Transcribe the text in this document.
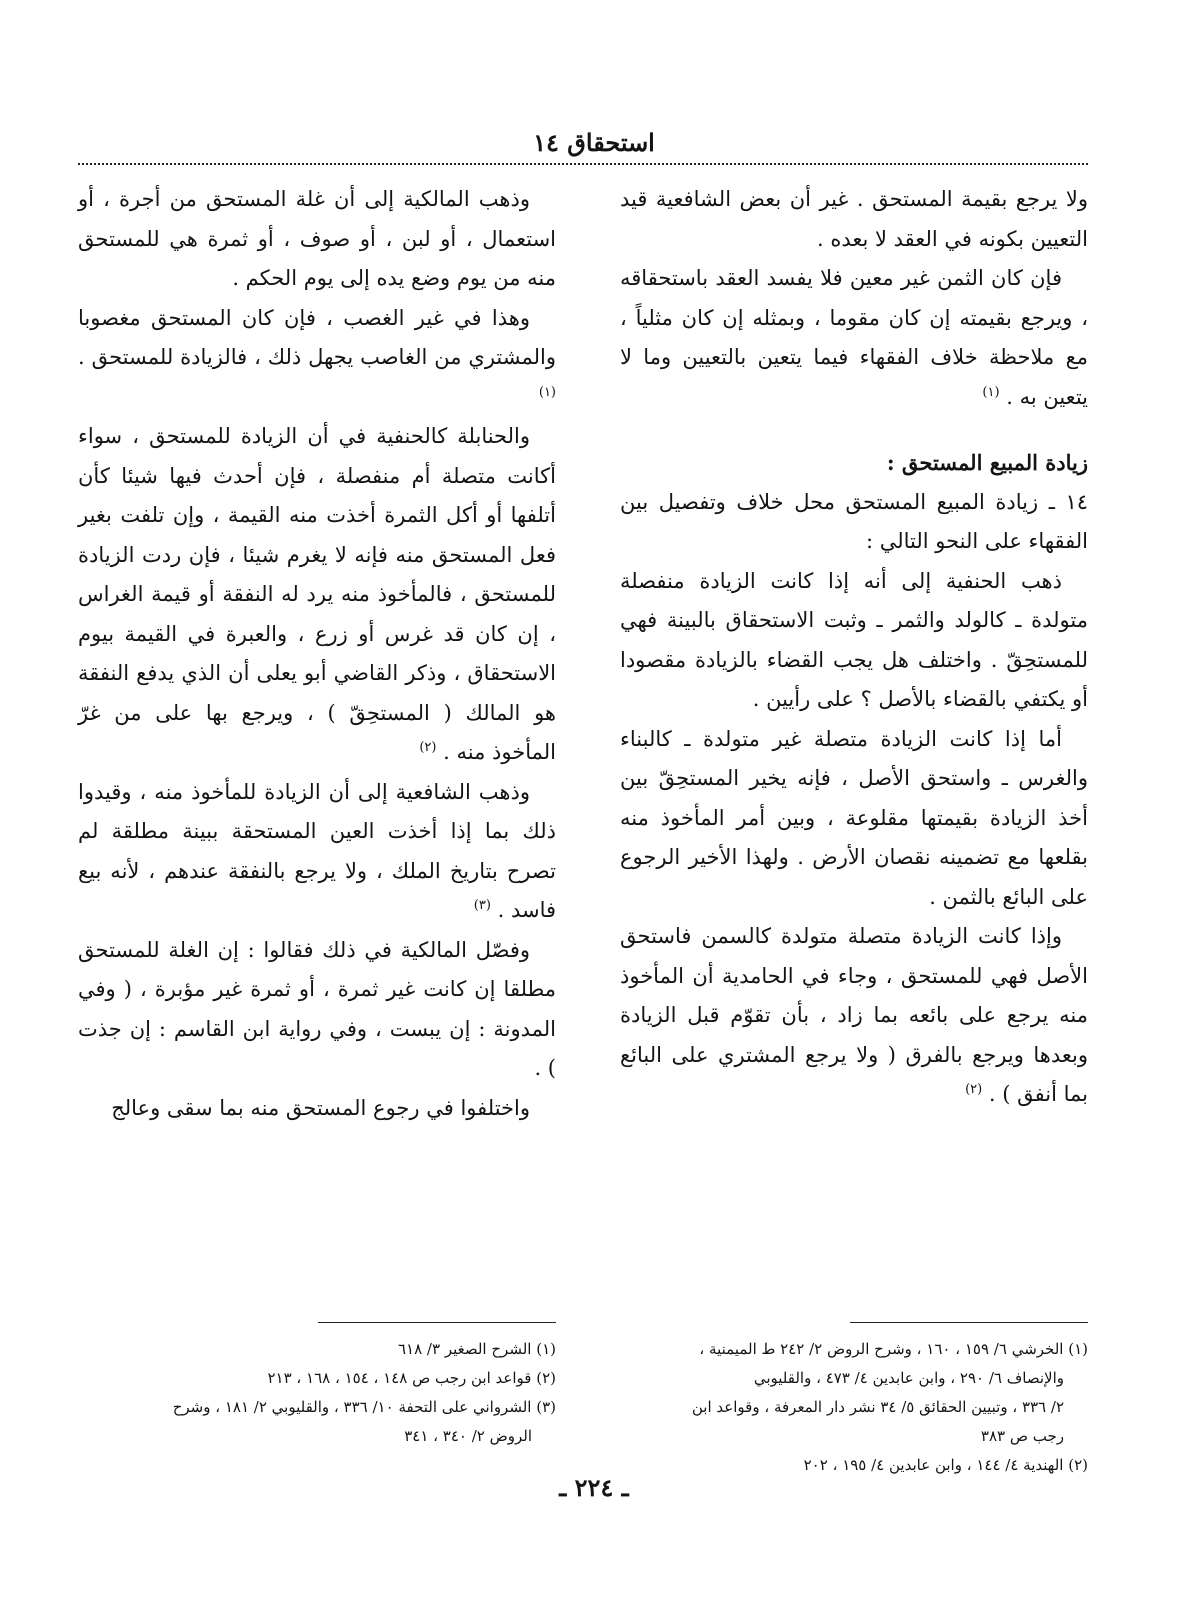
استحقاق ١٤

ولا يرجع بقيمة المستحق . غير أن بعض الشافعية قيد التعيين بكونه في العقد لا بعده .

فإن كان الثمن غير معين فلا يفسد العقد باستحقاقه ، ويرجع بقيمته إن كان مقوما ، وبمثله إن كان مثلياً ، مع ملاحظة خلاف الفقهاء فيما يتعين بالتعيين وما لا يتعين به . $^{(١)}$

زيادة المبيع المستحق :

١٤ ـ زيادة المبيع المستحق محل خلاف وتفصيل بين الفقهاء على النحو التالي :

ذهب الحنفية إلى أنه إذا كانت الزيادة منفصلة متولدة ـ كالولد والثمر ـ وثبت الاستحقاق بالبينة فهي للمستحِقّ . واختلف هل يجب القضاء بالزيادة مقصودا أو يكتفي بالقضاء بالأصل ؟ على رأيين .

أما إذا كانت الزيادة متصلة غير متولدة ـ كالبناء والغرس ـ واستحق الأصل ، فإنه يخير المستحِقّ بين أخذ الزيادة بقيمتها مقلوعة ، وبين أمر المأخوذ منه بقلعها مع تضمينه نقصان الأرض . ولهذا الأخير الرجوع على البائع بالثمن .

وإذا كانت الزيادة متصلة متولدة كالسمن فاستحق الأصل فهي للمستحق ، وجاء في الحامدية أن المأخوذ منه يرجع على بائعه بما زاد ، بأن تقوّم قبل الزيادة وبعدها ويرجع بالفرق ( ولا يرجع المشتري على البائع بما أنفق ) . $^{(٢)}$

وذهب المالكية إلى أن غلة المستحق من أجرة ، أو استعمال ، أو لبن ، أو صوف ، أو ثمرة هي للمستحق منه من يوم وضع يده إلى يوم الحكم .

وهذا في غير الغصب ، فإن كان المستحق مغصوبا والمشتري من الغاصب يجهل ذلك ، فالزيادة للمستحق . $^{(١)}$

والحنابلة كالحنفية في أن الزيادة للمستحق ، سواء أكانت متصلة أم منفصلة ، فإن أحدث فيها شيئا كأن أتلفها أو أكل الثمرة أخذت منه القيمة ، وإن تلفت بغير فعل المستحق منه فإنه لا يغرم شيئا ، فإن ردت الزيادة للمستحق ، فالمأخوذ منه يرد له النفقة أو قيمة الغراس ، إن كان قد غرس أو زرع ، والعبرة في القيمة بيوم الاستحقاق ، وذكر القاضي أبو يعلى أن الذي يدفع النفقة هو المالك ( المستحِقّ ) ، ويرجع بها على من غرّ المأخوذ منه . $^{(٢)}$

وذهب الشافعية إلى أن الزيادة للمأخوذ منه ، وقيدوا ذلك بما إذا أخذت العين المستحقة ببينة مطلقة لم تصرح بتاريخ الملك ، ولا يرجع بالنفقة عندهم ، لأنه بيع فاسد . $^{(٣)}$

وفصّل المالكية في ذلك فقالوا : إن الغلة للمستحق مطلقا إن كانت غير ثمرة ، أو ثمرة غير مؤبرة ، ( وفي المدونة : إن يبست ، وفي رواية ابن القاسم : إن جذت ) .

واختلفوا في رجوع المستحق منه بما سقى وعالج

(١) الخرشي ٦/ ١٥٩ ، ١٦٠ ، وشرح الروض ٢/ ٢٤٢ ط الميمنية ،
والإنصاف ٦/ ٢٩٠ ، وابن عابدين ٤/ ٤٧٣ ، والقليوبي
٢/ ٣٣٦ ، وتبيين الحقائق ٥/ ٣٤ نشر دار المعرفة ، وقواعد ابن
رجب ص ٣٨٣
(٢) الهندية ٤/ ١٤٤ ، وابن عابدين ٤/ ١٩٥ ، ٢٠٢
(١) الشرح الصغير ٣/ ٦١٨
(٢) قواعد ابن رجب ص ١٤٨ ، ١٥٤ ، ١٦٨ ، ٢١٣
(٣) الشرواني على التحفة ١٠/ ٣٣٦ ، والقليوبي ٢/ ١٨١ ، وشرح
الروض ٢/ ٣٤٠ ، ٣٤١
ـ ٢٢٤ ـ
